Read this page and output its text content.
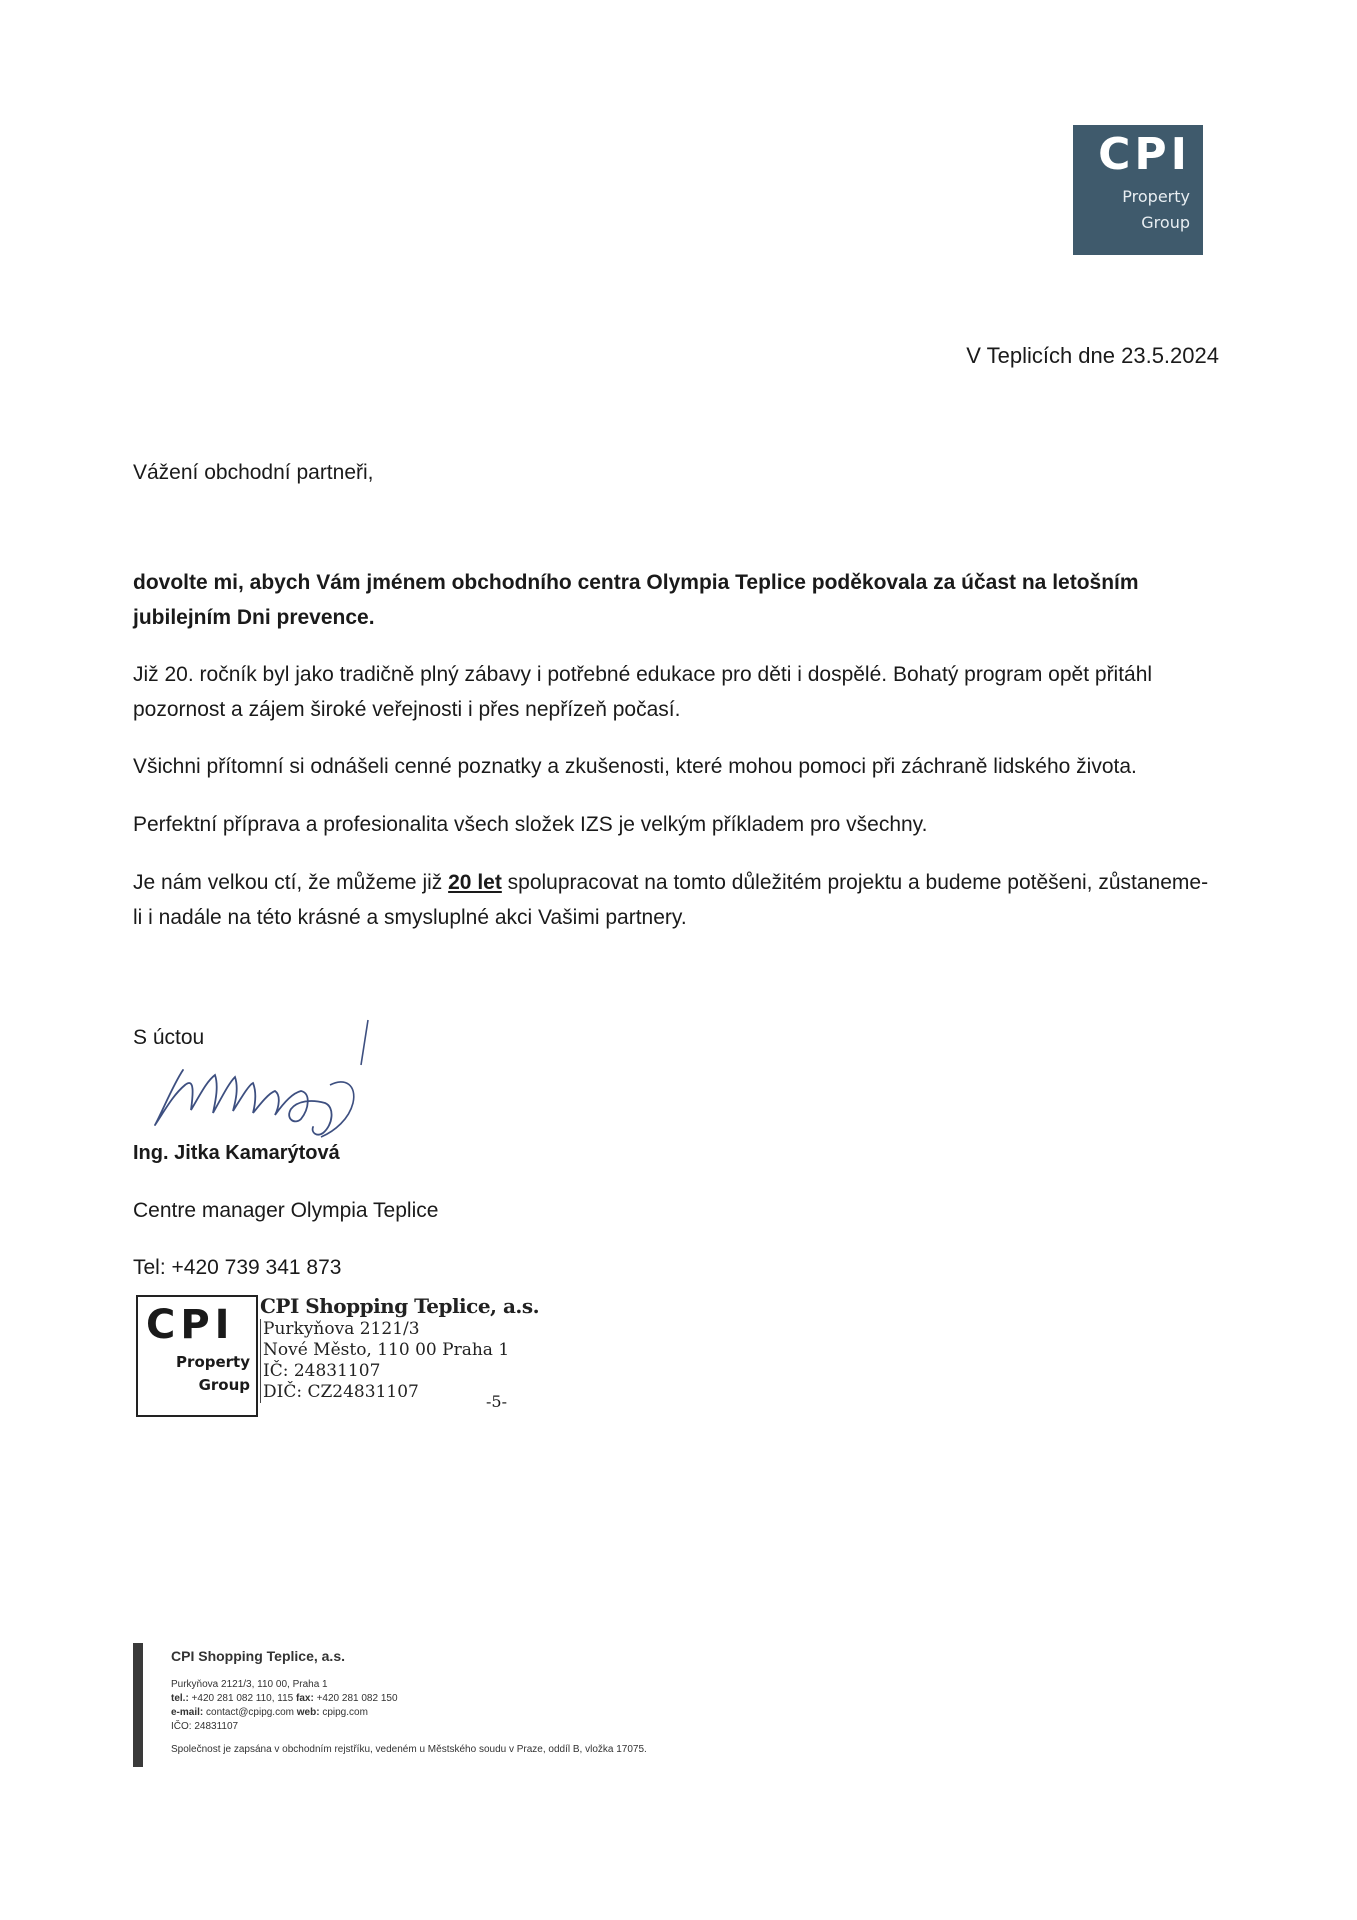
CPI
Property
Group
V Teplicích dne 23.5.2024
Vážení obchodní partneři,
dovolte mi, abych Vám jménem obchodního centra Olympia Teplice poděkovala za účast na letošním jubilejním Dni prevence.
Již 20. ročník byl jako tradičně plný zábavy i potřebné edukace pro děti i dospělé. Bohatý program opět přitáhl pozornost a zájem široké veřejnosti i přes nepřízeň počasí.
Všichni přítomní si odnášeli cenné poznatky a zkušenosti, které mohou pomoci při záchraně lidského života.
Perfektní příprava a profesionalita všech složek IZS je velkým příkladem pro všechny.
Je nám velkou ctí, že můžeme již 20 let spolupracovat na tomto důležitém projektu a budeme potěšeni, zůstaneme-li i nadále na této krásné a smysluplné akci Vašimi partnery.
S úctou
Ing. Jitka Kamarýtová
Centre manager Olympia Teplice
Tel: +420 739 341 873
CPI
Property
Group
CPI Shopping Teplice, a.s.
Purkyňova 2121/3
Nové Město, 110 00 Praha 1
IČ: 24831107
DIČ: CZ24831107	-5-
CPI Shopping Teplice, a.s.
Purkyňova 2121/3, 110 00, Praha 1
tel.: +420 281 082 110, 115 fax: +420 281 082 150
e-mail: contact@cpipg.com web: cpipg.com
IČO: 24831107
Společnost je zapsána v obchodním rejstříku, vedeném u Městského soudu v Praze, oddíl B, vložka 17075.
